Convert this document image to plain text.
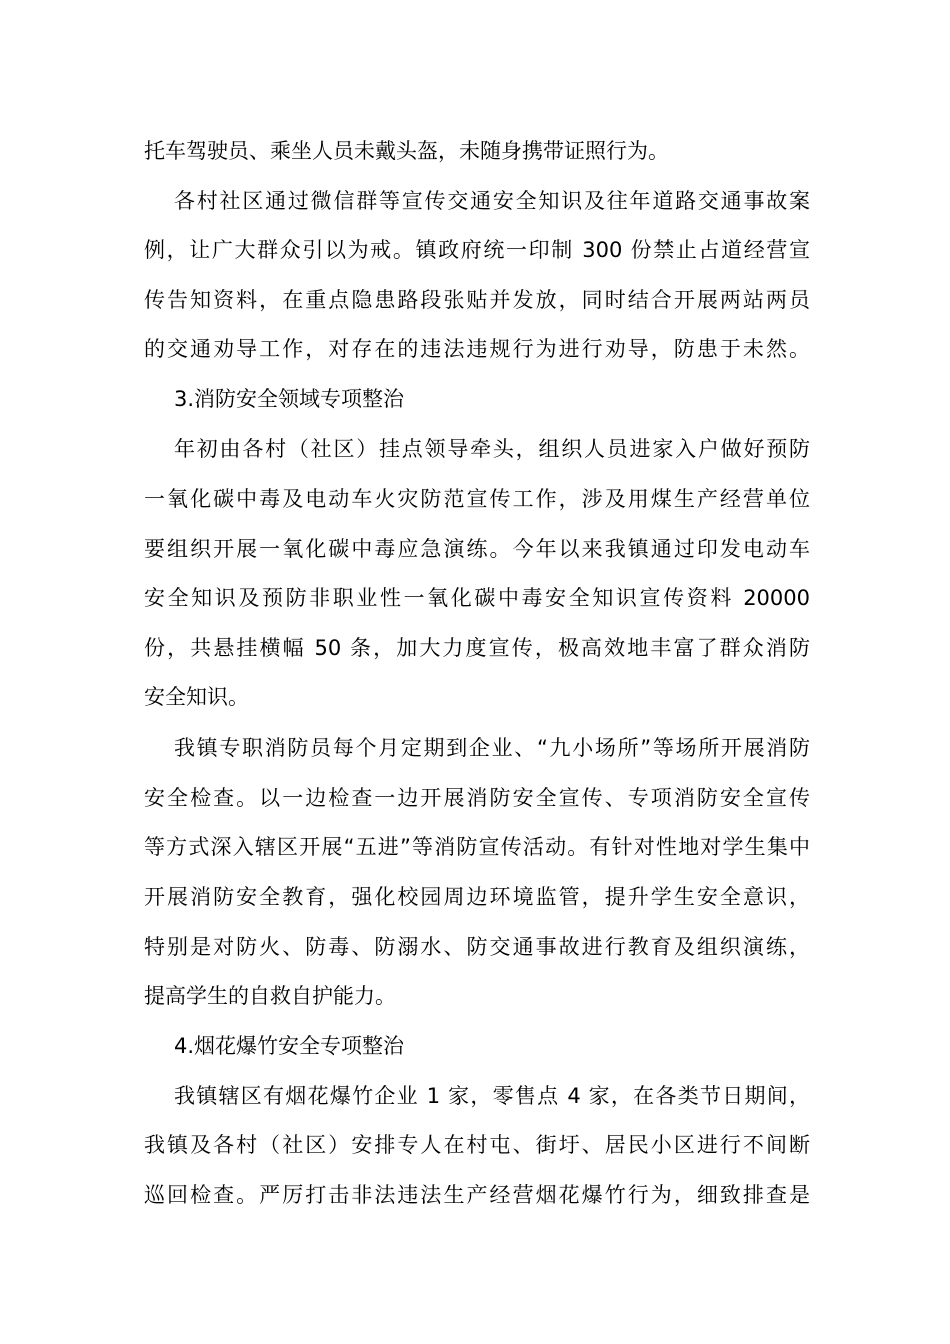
托车驾驶员、乘坐人员未戴头盔，未随身携带证照行为。
各村社区通过微信群等宣传交通安全知识及往年道路交通事故案
例，让广大群众引以为戒。镇政府统一印制 300 份禁止占道经营宣
传告知资料，在重点隐患路段张贴并发放，同时结合开展两站两员
的交通劝导工作，对存在的违法违规行为进行劝导，防患于未然。
3.消防安全领域专项整治
年初由各村（社区）挂点领导牵头，组织人员进家入户做好预防
一氧化碳中毒及电动车火灾防范宣传工作，涉及用煤生产经营单位
要组织开展一氧化碳中毒应急演练。今年以来我镇通过印发电动车
安全知识及预防非职业性一氧化碳中毒安全知识宣传资料 20000
份，共悬挂横幅 50 条，加大力度宣传，极高效地丰富了群众消防
安全知识。
我镇专职消防员每个月定期到企业、“九小场所”等场所开展消防
安全检查。以一边检查一边开展消防安全宣传、专项消防安全宣传
等方式深入辖区开展“五进”等消防宣传活动。有针对性地对学生集中
开展消防安全教育，强化校园周边环境监管，提升学生安全意识，
特别是对防火、防毒、防溺水、防交通事故进行教育及组织演练，
提高学生的自救自护能力。
4.烟花爆竹安全专项整治
我镇辖区有烟花爆竹企业 1 家，零售点 4 家，在各类节日期间，
我镇及各村（社区）安排专人在村屯、街圩、居民小区进行不间断
巡回检查。严厉打击非法违法生产经营烟花爆竹行为，细致排查是
